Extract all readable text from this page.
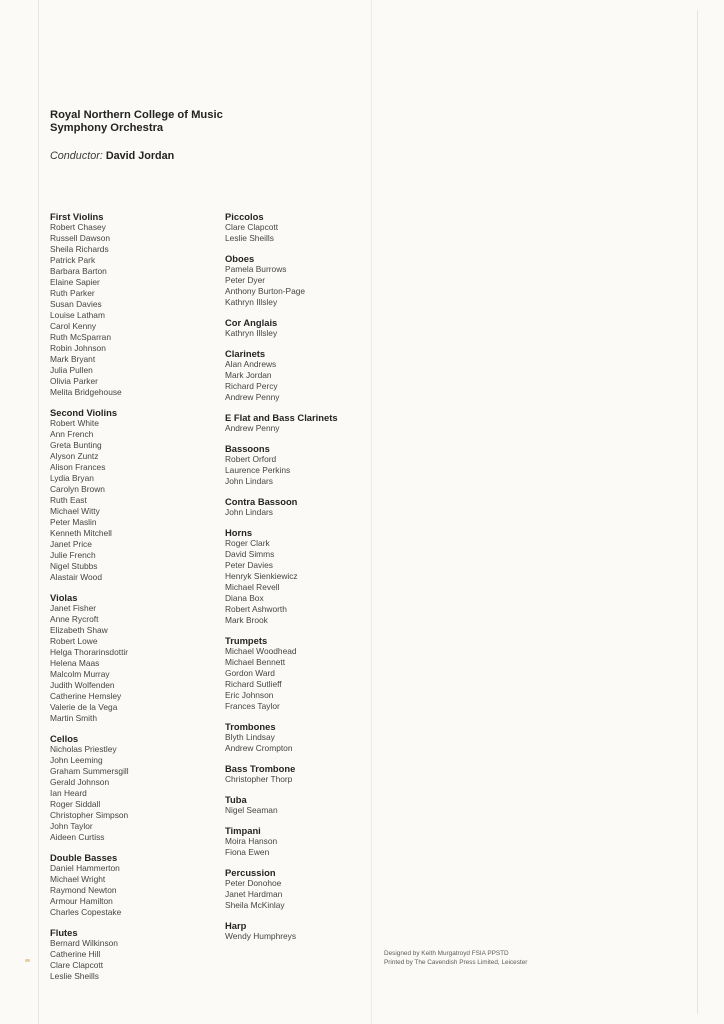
Royal Northern College of Music
Symphony Orchestra
Conductor: David Jordan
First Violins
Robert Chasey
Russell Dawson
Sheila Richards
Patrick Park
Barbara Barton
Elaine Sapier
Ruth Parker
Susan Davies
Louise Latham
Carol Kenny
Ruth McSparran
Robin Johnson
Mark Bryant
Julia Pullen
Olivia Parker
Melita Bridgehouse
Second Violins
Robert White
Ann French
Greta Bunting
Alyson Zuntz
Alison Frances
Lydia Bryan
Carolyn Brown
Ruth East
Michael Witty
Peter Maslin
Kenneth Mitchell
Janet Price
Julie French
Nigel Stubbs
Alastair Wood
Violas
Janet Fisher
Anne Rycroft
Elizabeth Shaw
Robert Lowe
Helga Thorarinsdottir
Helena Maas
Malcolm Murray
Judith Wolfenden
Catherine Hemsley
Valerie de la Vega
Martin Smith
Cellos
Nicholas Priestley
John Leeming
Graham Summersgill
Gerald Johnson
Ian Heard
Roger Siddall
Christopher Simpson
John Taylor
Aideen Curtiss
Double Basses
Daniel Hammerton
Michael Wright
Raymond Newton
Armour Hamilton
Charles Copestake
Flutes
Bernard Wilkinson
Catherine Hill
Clare Clapcott
Leslie Sheills
Piccolos
Clare Clapcott
Leslie Sheills
Oboes
Pamela Burrows
Peter Dyer
Anthony Burton-Page
Kathryn Illsley
Cor Anglais
Kathryn Illsley
Clarinets
Alan Andrews
Mark Jordan
Richard Percy
Andrew Penny
E Flat and Bass Clarinets
Andrew Penny
Bassoons
Robert Orford
Laurence Perkins
John Lindars
Contra Bassoon
John Lindars
Horns
Roger Clark
David Simms
Peter Davies
Henryk Sienkiewicz
Michael Revell
Diana Box
Robert Ashworth
Mark Brook
Trumpets
Michael Woodhead
Michael Bennett
Gordon Ward
Richard Sutlieff
Eric Johnson
Frances Taylor
Trombones
Blyth Lindsay
Andrew Crompton
Bass Trombone
Christopher Thorp
Tuba
Nigel Seaman
Timpani
Moira Hanson
Fiona Ewen
Percussion
Peter Donohoe
Janet Hardman
Sheila McKinlay
Harp
Wendy Humphreys
Designed by Keith Murgatroyd FSIA PPSTD
Printed by The Cavendish Press Limited, Leicester
